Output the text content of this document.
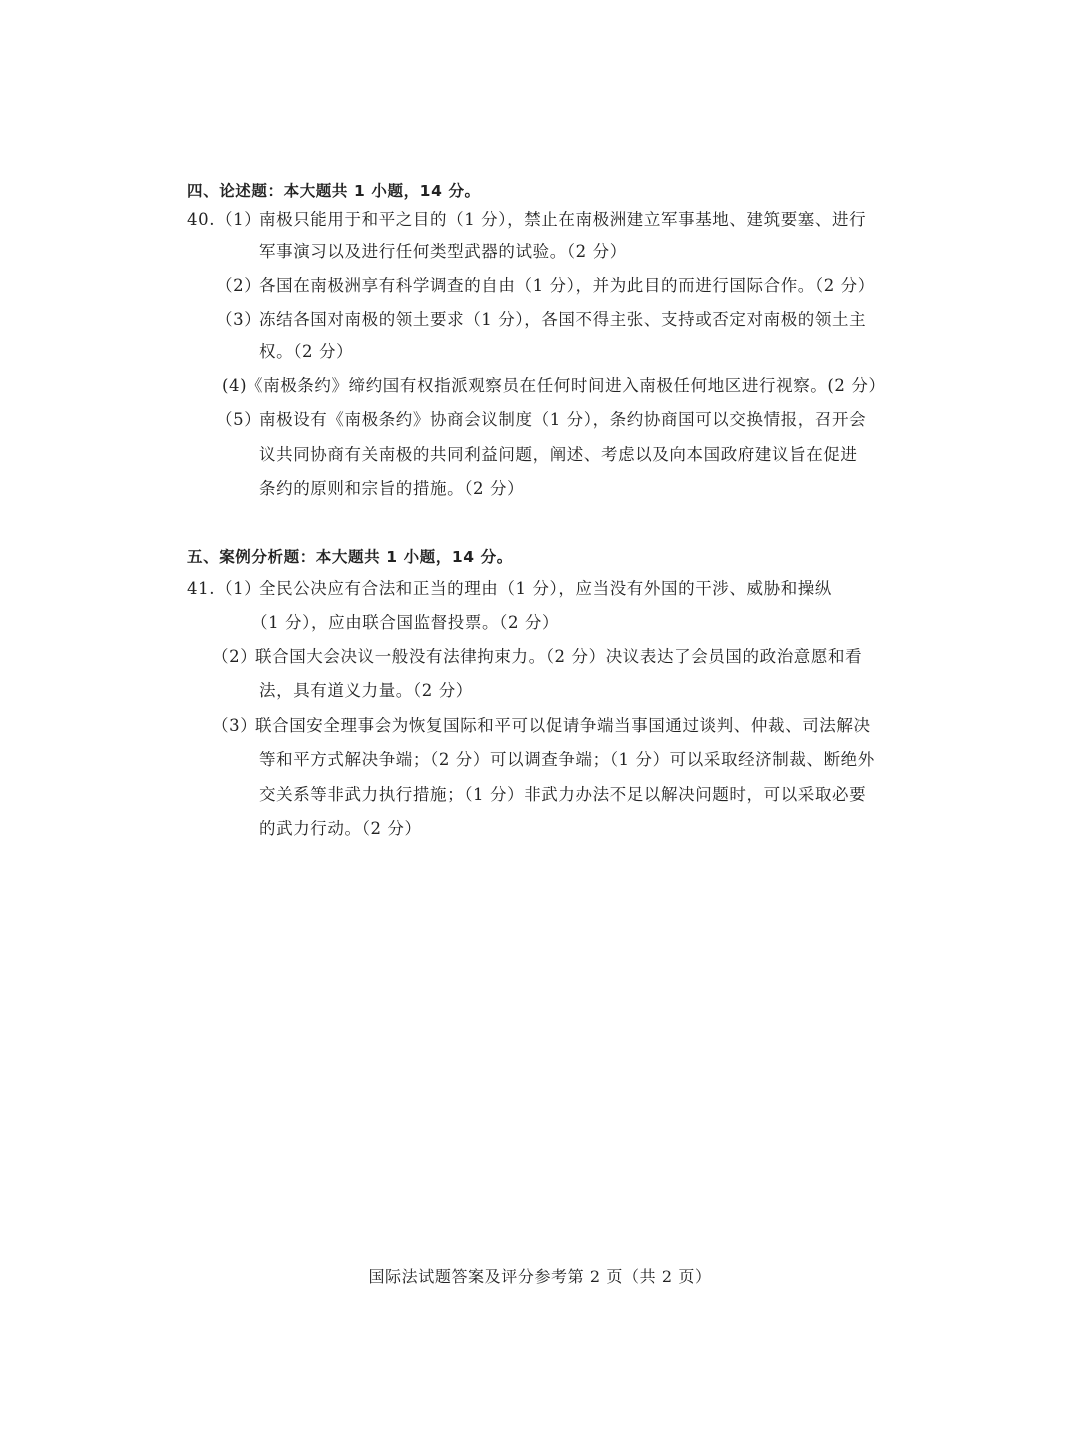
四、论述题：本大题共 1 小题，14 分。
40. （1）
南极只能用于和平之目的（1 分），禁止在南极洲建立军事基地、建筑要塞、进行
军事演习以及进行任何类型武器的试验。（2 分）
（2）
各国在南极洲享有科学调查的自由（1 分），并为此目的而进行国际合作。（2 分）
（3）
冻结各国对南极的领土要求（1 分），各国不得主张、支持或否定对南极的领土主
权。（2 分）
(4)
《南极条约》缔约国有权指派观察员在任何时间进入南极任何地区进行视察。(2 分）
（5）
南极设有《南极条约》协商会议制度（1 分），条约协商国可以交换情报，召开会
议共同协商有关南极的共同利益问题，阐述、考虑以及向本国政府建议旨在促进
条约的原则和宗旨的措施。（2 分）
五、案例分析题：本大题共 1 小题，14 分。
41. （1）
全民公决应有合法和正当的理由（1 分），应当没有外国的干涉、威胁和操纵
（1 分），应由联合国监督投票。（2 分）
（2）
联合国大会决议一般没有法律拘束力。（2 分）决议表达了会员国的政治意愿和看
法，具有道义力量。（2 分）
（3）
联合国安全理事会为恢复国际和平可以促请争端当事国通过谈判、仲裁、司法解决
等和平方式解决争端；（2 分）可以调查争端；（1 分）可以采取经济制裁、断绝外
交关系等非武力执行措施；（1 分）非武力办法不足以解决问题时，可以采取必要
的武力行动。（2 分）
国际法试题答案及评分参考第 2 页（共 2 页）
